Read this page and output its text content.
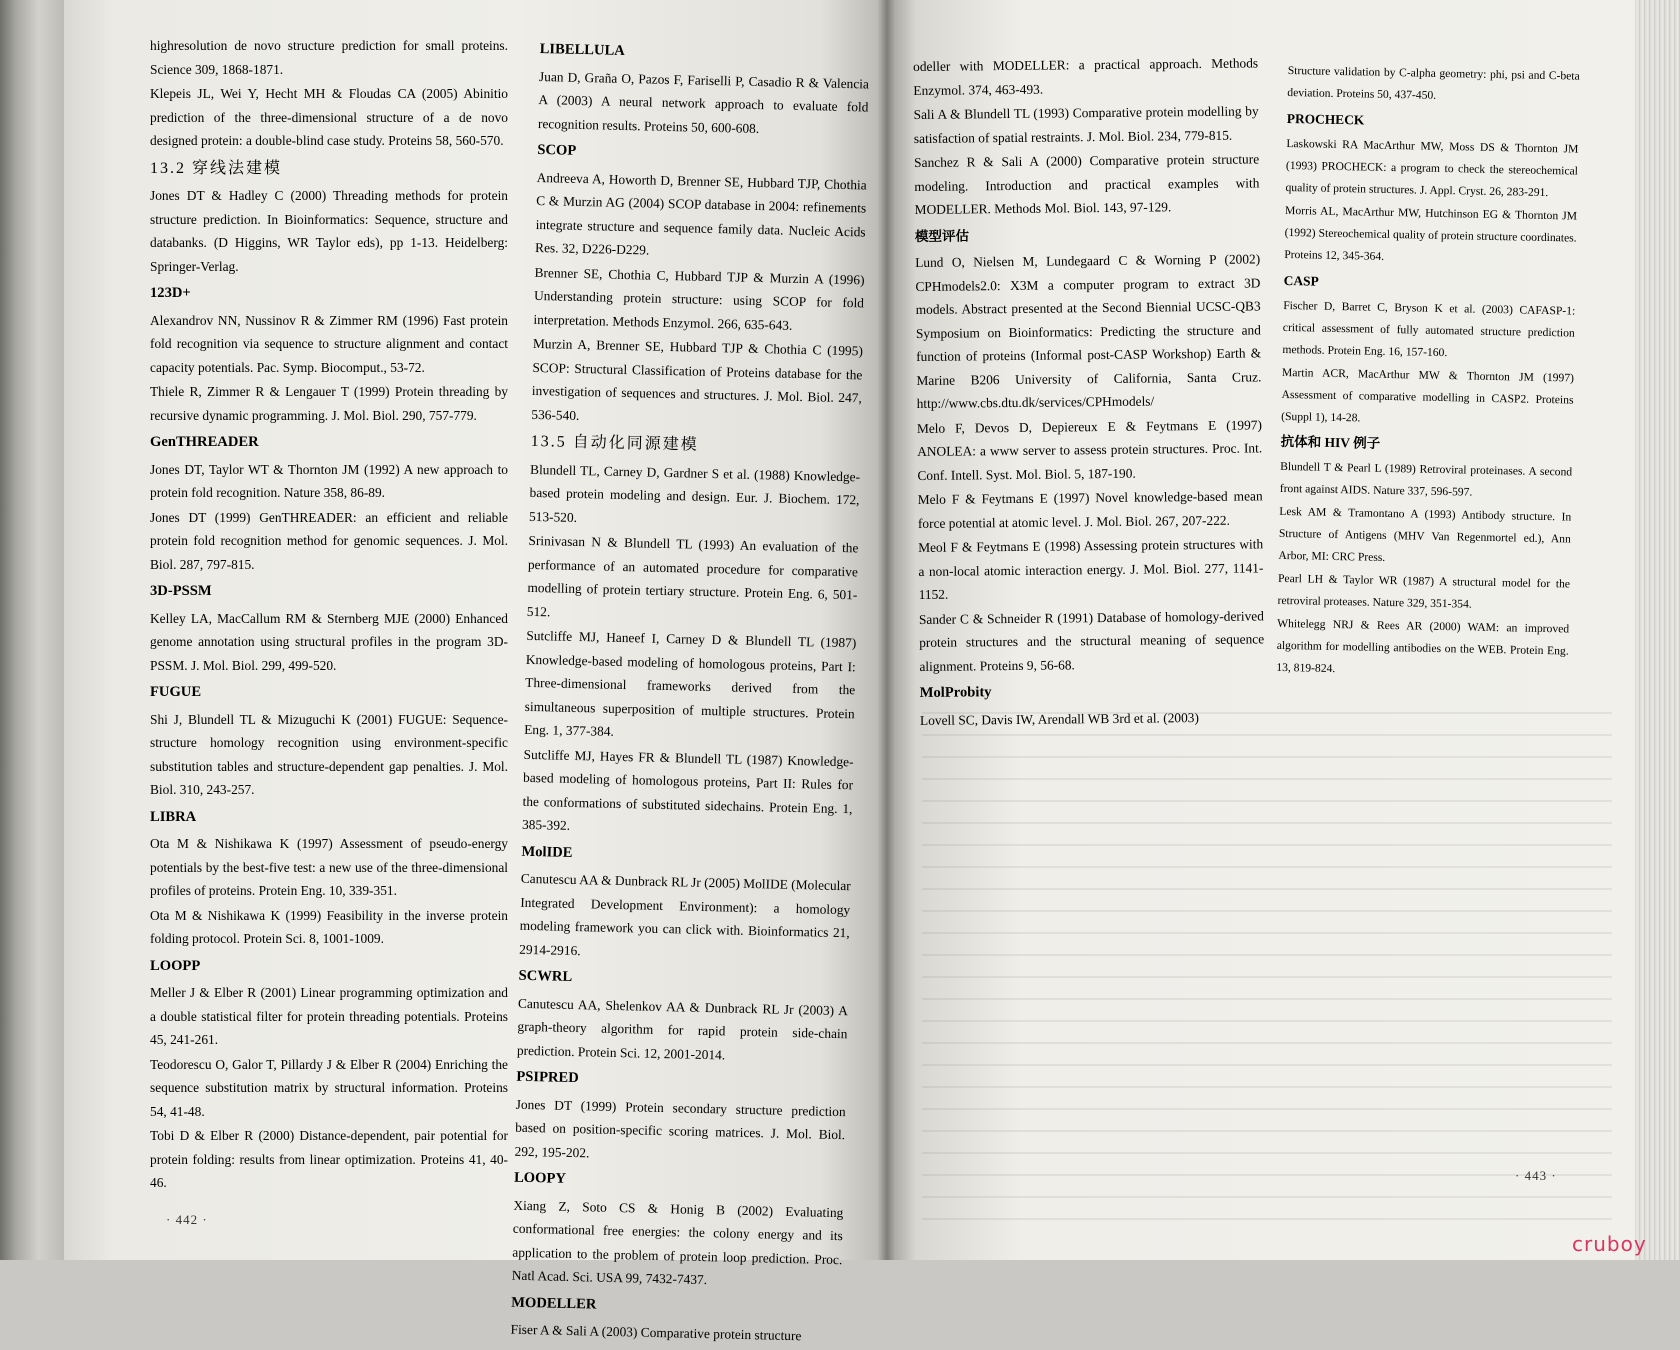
highresolution de novo structure prediction for small proteins. Science 309, 1868-1871.

Klepeis JL, Wei Y, Hecht MH & Floudas CA (2005) Abinitio prediction of the three-dimensional structure of a de novo designed protein: a double-blind case study. Proteins 58, 560-570.

13.2 穿线法建模

Jones DT & Hadley C (2000) Threading methods for protein structure prediction. In Bioinformatics: Sequence, structure and databanks. (D Higgins, WR Taylor eds), pp 1-13. Heidelberg: Springer-Verlag.

123D+

Alexandrov NN, Nussinov R & Zimmer RM (1996) Fast protein fold recognition via sequence to structure alignment and contact capacity potentials. Pac. Symp. Biocomput., 53-72.

Thiele R, Zimmer R & Lengauer T (1999) Protein threading by recursive dynamic programming. J. Mol. Biol. 290, 757-779.

GenTHREADER

Jones DT, Taylor WT & Thornton JM (1992) A new approach to protein fold recognition. Nature 358, 86-89.

Jones DT (1999) GenTHREADER: an efficient and reliable protein fold recognition method for genomic sequences. J. Mol. Biol. 287, 797-815.

3D-PSSM

Kelley LA, MacCallum RM & Sternberg MJE (2000) Enhanced genome annotation using structural profiles in the program 3D-PSSM. J. Mol. Biol. 299, 499-520.

FUGUE

Shi J, Blundell TL & Mizuguchi K (2001) FUGUE: Sequence-structure homology recognition using environment-specific substitution tables and structure-dependent gap penalties. J. Mol. Biol. 310, 243-257.

LIBRA

Ota M & Nishikawa K (1997) Assessment of pseudo-energy potentials by the best-five test: a new use of the three-dimensional profiles of proteins. Protein Eng. 10, 339-351.

Ota M & Nishikawa K (1999) Feasibility in the inverse protein folding protocol. Protein Sci. 8, 1001-1009.

LOOPP

Meller J & Elber R (2001) Linear programming optimization and a double statistical filter for protein threading potentials. Proteins 45, 241-261.

Teodorescu O, Galor T, Pillardy J & Elber R (2004) Enriching the sequence substitution matrix by structural information. Proteins 54, 41-48.

Tobi D & Elber R (2000) Distance-dependent, pair potential for protein folding: results from linear optimization. Proteins 41, 40-46.

LIBELLULA

Juan D, Graña O, Pazos F, Fariselli P, Casadio R & Valencia A (2003) A neural network approach to evaluate fold recognition results. Proteins 50, 600-608.

SCOP

Andreeva A, Howorth D, Brenner SE, Hubbard TJP, Chothia C & Murzin AG (2004) SCOP database in 2004: refinements integrate structure and sequence family data. Nucleic Acids Res. 32, D226-D229.

Brenner SE, Chothia C, Hubbard TJP & Murzin A (1996) Understanding protein structure: using SCOP for fold interpretation. Methods Enzymol. 266, 635-643.

Murzin A, Brenner SE, Hubbard TJP & Chothia C (1995) SCOP: Structural Classification of Proteins database for the investigation of sequences and structures. J. Mol. Biol. 247, 536-540.

13.5 自动化同源建模

Blundell TL, Carney D, Gardner S et al. (1988) Knowledge-based protein modeling and design. Eur. J. Biochem. 172, 513-520.

Srinivasan N & Blundell TL (1993) An evaluation of the performance of an automated procedure for comparative modelling of protein tertiary structure. Protein Eng. 6, 501-512.

Sutcliffe MJ, Haneef I, Carney D & Blundell TL (1987) Knowledge-based modeling of homologous proteins, Part I: Three-dimensional frameworks derived from the simultaneous superposition of multiple structures. Protein Eng. 1, 377-384.

Sutcliffe MJ, Hayes FR & Blundell TL (1987) Knowledge-based modeling of homologous proteins, Part II: Rules for the conformations of substituted sidechains. Protein Eng. 1, 385-392.

MolIDE

Canutescu AA & Dunbrack RL Jr (2005) MolIDE (Molecular Integrated Development Environment): a homology modeling framework you can click with. Bioinformatics 21, 2914-2916.

SCWRL

Canutescu AA, Shelenkov AA & Dunbrack RL Jr (2003) A graph-theory algorithm for rapid protein side-chain prediction. Protein Sci. 12, 2001-2014.

PSIPRED

Jones DT (1999) Protein secondary structure prediction based on position-specific scoring matrices. J. Mol. Biol. 292, 195-202.

LOOPY

Xiang Z, Soto CS & Honig B (2002) Evaluating conformational free energies: the colony energy and its application to the problem of protein loop prediction. Proc. Natl Acad. Sci. USA 99, 7432-7437.

MODELLER

Fiser A & Sali A (2003) Comparative protein structure

odeller with MODELLER: a practical approach. Methods Enzymol. 374, 463-493.

Sali A & Blundell TL (1993) Comparative protein modelling by satisfaction of spatial restraints. J. Mol. Biol. 234, 779-815.

Sanchez R & Sali A (2000) Comparative protein structure modeling. Introduction and practical examples with MODELLER. Methods Mol. Biol. 143, 97-129.

模型评估

Lund O, Nielsen M, Lundegaard C & Worning P (2002) CPHmodels2.0: X3M a computer program to extract 3D models. Abstract presented at the Second Biennial UCSC-QB3 Symposium on Bioinformatics: Predicting the structure and function of proteins (Informal post-CASP Workshop) Earth & Marine B206 University of California, Santa Cruz. http://www.cbs.dtu.dk/services/CPHmodels/

Melo F, Devos D, Depiereux E & Feytmans E (1997) ANOLEA: a www server to assess protein structures. Proc. Int. Conf. Intell. Syst. Mol. Biol. 5, 187-190.

Melo F & Feytmans E (1997) Novel knowledge-based mean force potential at atomic level. J. Mol. Biol. 267, 207-222.

Meol F & Feytmans E (1998) Assessing protein structures with a non-local atomic interaction energy. J. Mol. Biol. 277, 1141-1152.

Sander C & Schneider R (1991) Database of homology-derived protein structures and the structural meaning of sequence alignment. Proteins 9, 56-68.

MolProbity

Lovell SC, Davis IW, Arendall WB 3rd et al. (2003)

Structure validation by C-alpha geometry: phi, psi and C-beta deviation. Proteins 50, 437-450.

PROCHECK

Laskowski RA MacArthur MW, Moss DS & Thornton JM (1993) PROCHECK: a program to check the stereochemical quality of protein structures. J. Appl. Cryst. 26, 283-291.

Morris AL, MacArthur MW, Hutchinson EG & Thornton JM (1992) Stereochemical quality of protein structure coordinates. Proteins 12, 345-364.

CASP

Fischer D, Barret C, Bryson K et al. (2003) CAFASP-1: critical assessment of fully automated structure prediction methods. Protein Eng. 16, 157-160.

Martin ACR, MacArthur MW & Thornton JM (1997) Assessment of comparative modelling in CASP2. Proteins (Suppl 1), 14-28.

抗体和 HIV 例子

Blundell T & Pearl L (1989) Retroviral proteinases. A second front against AIDS. Nature 337, 596-597.

Lesk AM & Tramontano A (1993) Antibody structure. In Structure of Antigens (MHV Van Regenmortel ed.), Ann Arbor, MI: CRC Press.

Pearl LH & Taylor WR (1987) A structural model for the retroviral proteases. Nature 329, 351-354.

Whitelegg NRJ & Rees AR (2000) WAM: an improved algorithm for modelling antibodies on the WEB. Protein Eng. 13, 819-824.

· 442 ·
· 443 ·
cruboy
